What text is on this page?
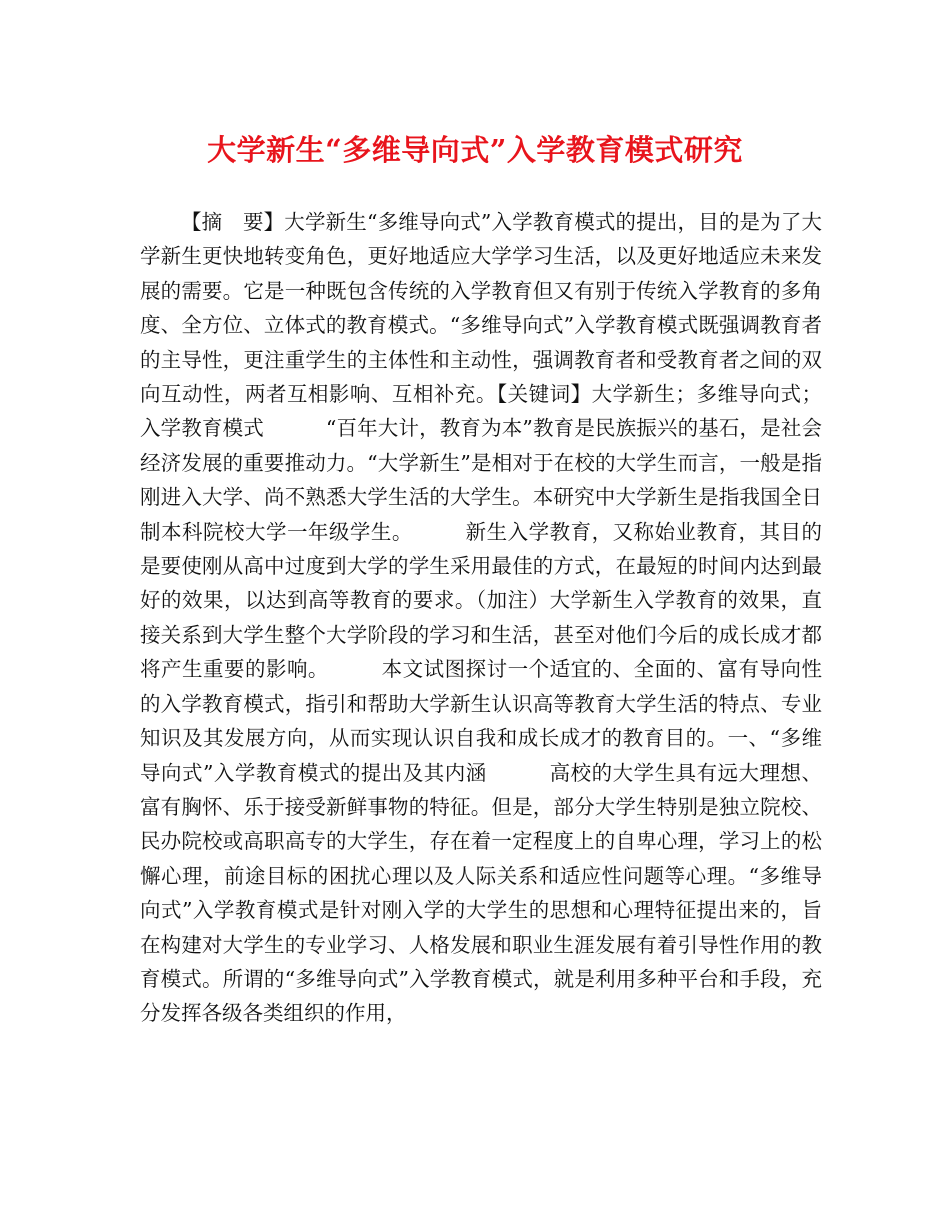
大学新生“多维导向式”入学教育模式研究

【摘　要】大学新生“多维导向式”入学教育模式的提出，目的是为了大学新生更快地转变角色，更好地适应大学学习生活，以及更好地适应未来发展的需要。它是一种既包含传统的入学教育但又有别于传统入学教育的多角度、全方位、立体式的教育模式。“多维导向式”入学教育模式既强调教育者的主导性，更注重学生的主体性和主动性，强调教育者和受教育者之间的双向互动性，两者互相影响、互相补充。【关键词】大学新生；多维导向式；入学教育模式　　　“百年大计，教育为本”教育是民族振兴的基石，是社会经济发展的重要推动力。“大学新生”是相对于在校的大学生而言，一般是指刚进入大学、尚不熟悉大学生活的大学生。本研究中大学新生是指我国全日制本科院校大学一年级学生。　　　新生入学教育，又称始业教育，其目的是要使刚从高中过度到大学的学生采用最佳的方式，在最短的时间内达到最好的效果，以达到高等教育的要求。（加注）大学新生入学教育的效果，直接关系到大学生整个大学阶段的学习和生活，甚至对他们今后的成长成才都将产生重要的影响。　　　本文试图探讨一个适宜的、全面的、富有导向性的入学教育模式，指引和帮助大学新生认识高等教育大学生活的特点、专业知识及其发展方向，从而实现认识自我和成长成才的教育目的。一、“多维导向式”入学教育模式的提出及其内涵　　　高校的大学生具有远大理想、富有胸怀、乐于接受新鲜事物的特征。但是，部分大学生特别是独立院校、民办院校或高职高专的大学生，存在着一定程度上的自卑心理，学习上的松懈心理，前途目标的困扰心理以及人际关系和适应性问题等心理。“多维导向式”入学教育模式是针对刚入学的大学生的思想和心理特征提出来的，旨在构建对大学生的专业学习、人格发展和职业生涯发展有着引导性作用的教育模式。所谓的“多维导向式”入学教育模式，就是利用多种平台和手段，充分发挥各级各类组织的作用，
